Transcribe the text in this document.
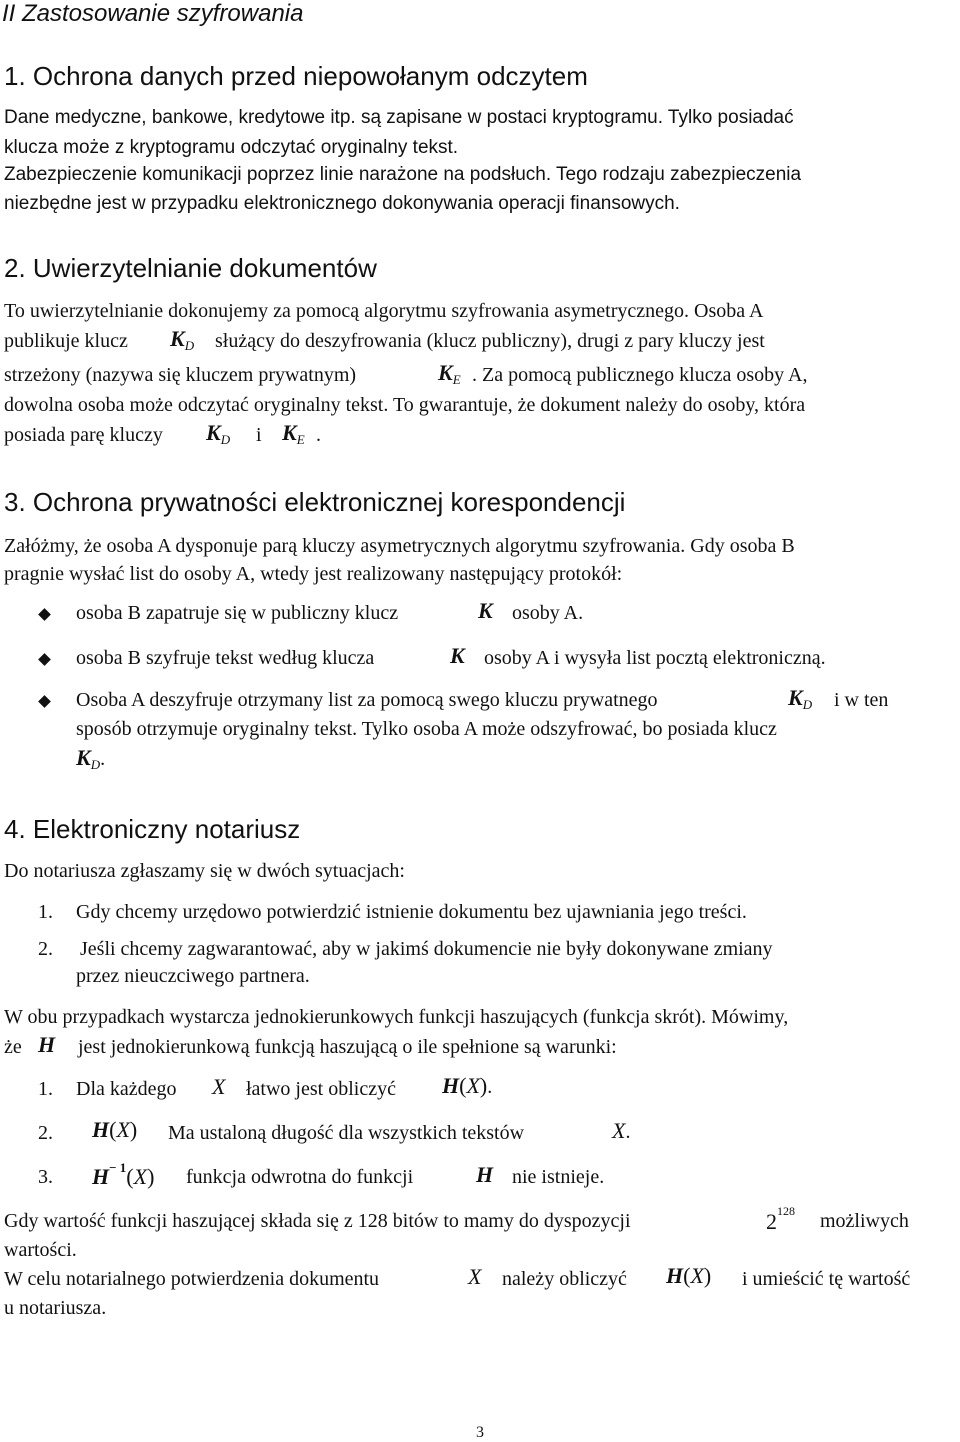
II Zastosowanie szyfrowania
1. Ochrona danych przed niepowołanym odczytem
Dane medyczne, bankowe, kredytowe itp. są zapisane w postaci kryptogramu. Tylko posiadać
klucza może z kryptogramu odczytać oryginalny tekst.
Zabezpieczenie komunikacji poprzez linie narażone na podsłuch. Tego rodzaju zabezpieczenia
niezbędne jest w przypadku elektronicznego dokonywania operacji finansowych.
2. Uwierzytelnianie dokumentów
To uwierzytelnianie dokonujemy za pomocą algorytmu szyfrowania asymetrycznego. Osoba A
publikuje klucz $K_D$ służący do deszyfrowania (klucz publiczny), drugi z pary kluczy jest
strzeżony (nazywa się kluczem prywatnym)	$K_E$ . Za pomocą publicznego klucza osoby A,
dowolna osoba może odczytać oryginalny tekst. To gwarantuje, że dokument należy do osoby, która
posiada parę kluczy $K_D$ i $K_E$ .
3. Ochrona prywatności elektronicznej korespondencji
Załóżmy, że osoba A dysponuje parą kluczy asymetrycznych algorytmu szyfrowania. Gdy osoba B
pragnie wysłać list do osoby A, wtedy jest realizowany następujący protokół:
osoba B zapatruje się w publiczny klucz	K osoby A.
osoba B szyfruje tekst według klucza	K osoby A i wysyła list pocztą elektroniczną.
Osoba A deszyfruje otrzymany list za pomocą swego kluczu prywatnego	$K_D$ i w ten
sposób otrzymuje oryginalny tekst. Tylko osoba A może odszyfrować, bo posiada klucz
$K_D$.
4. Elektroniczny notariusz
Do notariusza zgłaszamy się w dwóch sytuacjach:
1. Gdy chcemy urzędowo potwierdzić istnienie dokumentu bez ujawniania jego treści.
2. Jeśli chcemy zagwarantować, aby w jakimś dokumencie nie były dokonywane zmiany
przez nieuczciwego partnera.
W obu przypadkach wystarcza jednokierunkowych funkcji haszujących (funkcja skrót). Mówimy,
że H jest jednokierunkową funkcją haszującą o ile spełnione są warunki:
1. Dla każdego X łatwo jest obliczyć H(X).
2. H(X) Ma ustaloną długość dla wszystkich tekstów	X.
3. $H^{- 1}(X)$ funkcja odwrotna do funkcji	H nie istnieje.
Gdy wartość funkcji haszującej składa się z 128 bitów to mamy do dyspozycji	$2^{128}$ możliwych
wartości.
W celu notarialnego potwierdzenia dokumentu	X należy obliczyć H(X) i umieścić tę wartość
u notariusza.
3
